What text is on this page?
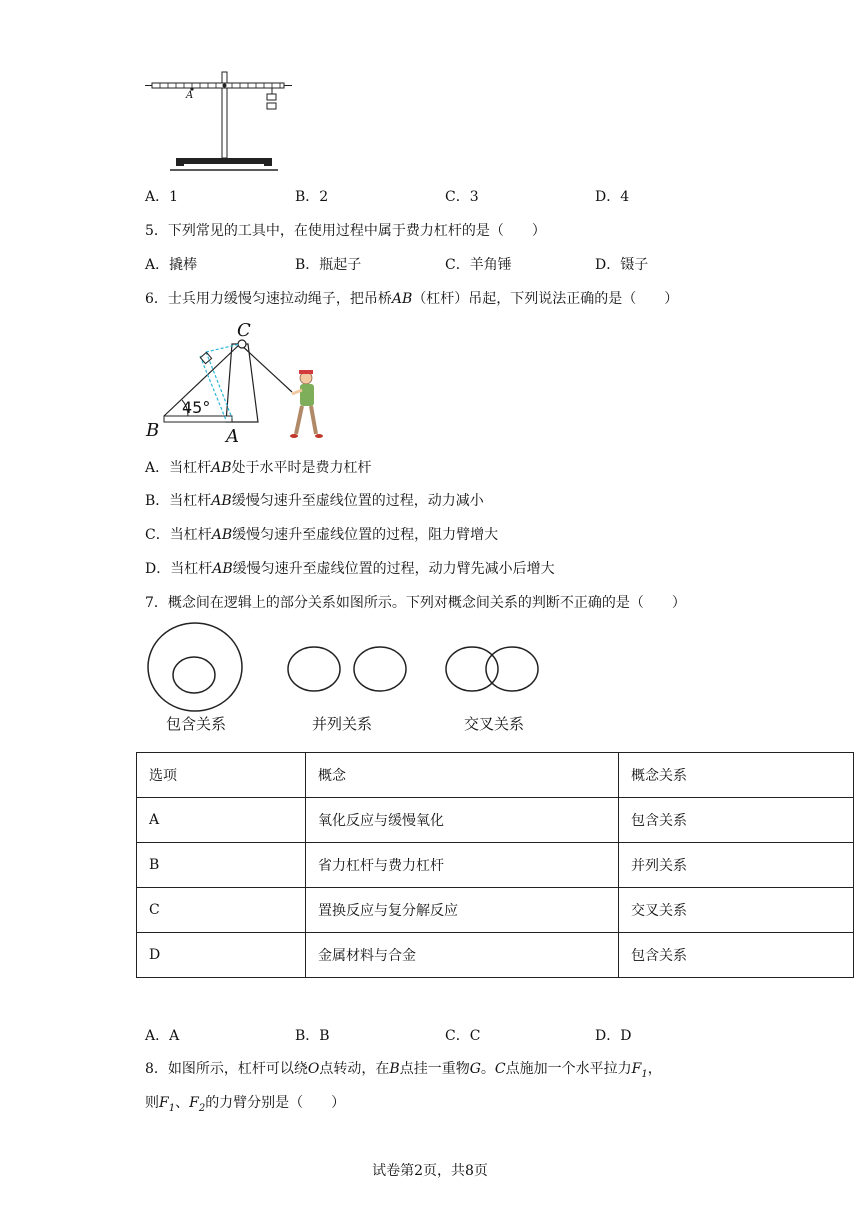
A
A．1	B．2	C．3	D．4
5．下列常见的工具中，在使用过程中属于费力杠杆的是（　　）
A．撬棒	B．瓶起子	C．羊角锤	D．镊子
6．士兵用力缓慢匀速拉动绳子，把吊桥AB（杠杆）吊起，下列说法正确的是（　　）
C
B	A
45°
A．当杠杆AB处于水平时是费力杠杆
B．当杠杆AB缓慢匀速升至虚线位置的过程，动力减小
C．当杠杆AB缓慢匀速升至虚线位置的过程，阻力臂增大
D．当杠杆AB缓慢匀速升至虚线位置的过程，动力臂先减小后增大
7．概念间在逻辑上的部分关系如图所示。下列对概念间关系的判断不正确的是（　　）
包含关系	并列关系	交叉关系
选项	概念	概念关系
A	氧化反应与缓慢氧化	包含关系
B	省力杠杆与费力杠杆	并列关系
C	置换反应与复分解反应	交叉关系
D	金属材料与合金	包含关系
A．A	B．B	C．C	D．D
8．如图所示，杠杆可以绕O点转动，在B点挂一重物G。C点施加一个水平拉力$F_1$，
则$F_1$、$F_2$的力臂分别是（　　）
试卷第2页，共8页
